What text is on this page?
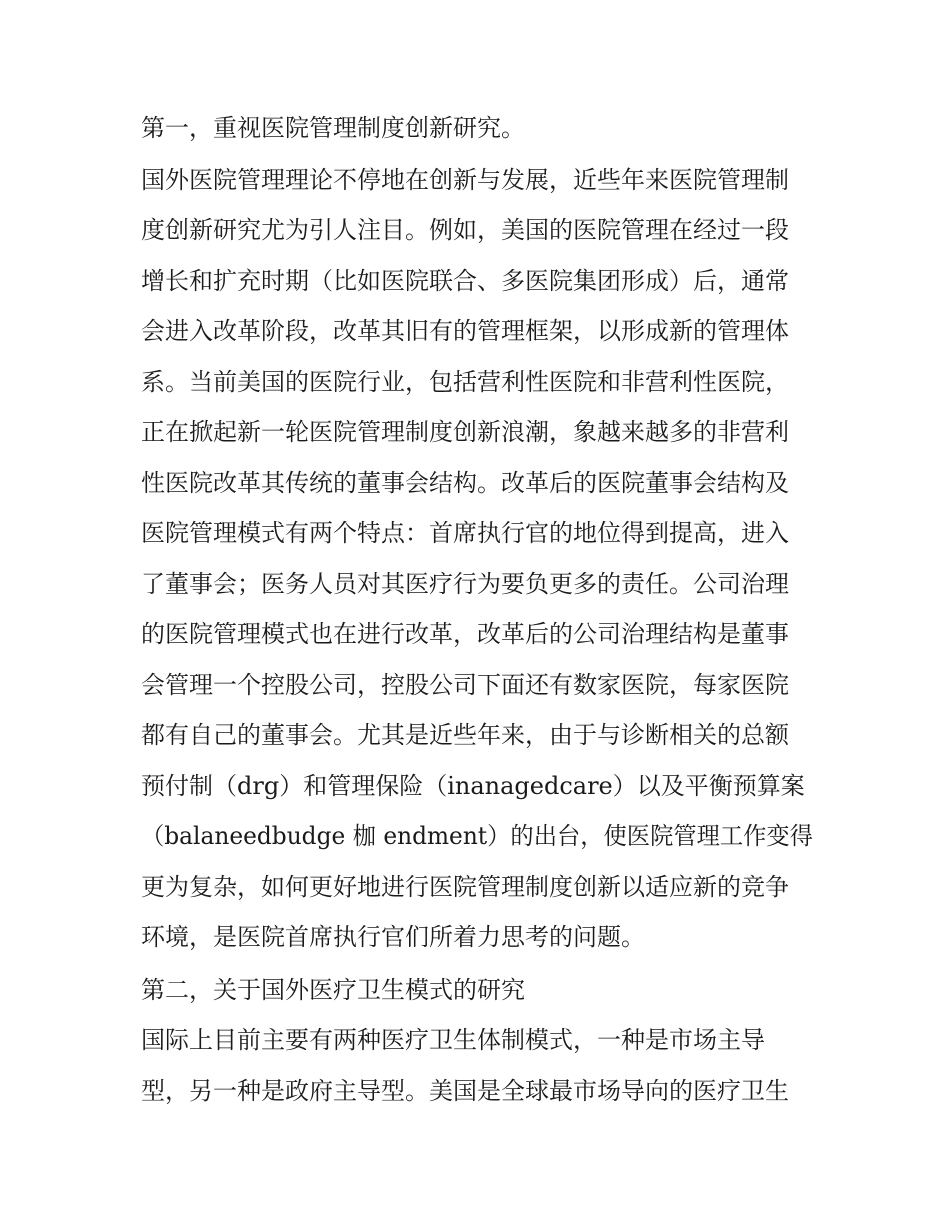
第一，重视医院管理制度创新研究。
国外医院管理理论不停地在创新与发展，近些年来医院管理制
度创新研究尤为引人注目。例如，美国的医院管理在经过一段
增长和扩充时期（比如医院联合、多医院集团形成）后，通常
会进入改革阶段，改革其旧有的管理框架，以形成新的管理体
系。当前美国的医院行业，包括营利性医院和非营利性医院，
正在掀起新一轮医院管理制度创新浪潮，象越来越多的非营利
性医院改革其传统的董事会结构。改革后的医院董事会结构及
医院管理模式有两个特点：首席执行官的地位得到提高，进入
了董事会；医务人员对其医疗行为要负更多的责任。公司治理
的医院管理模式也在进行改革，改革后的公司治理结构是董事
会管理一个控股公司，控股公司下面还有数家医院，每家医院
都有自己的董事会。尤其是近些年来，由于与诊断相关的总额
预付制（drg）和管理保险（inanagedcare）以及平衡预算案
（balaneedbudge 枷 endment）的出台，使医院管理工作变得
更为复杂，如何更好地进行医院管理制度创新以适应新的竞争
环境，是医院首席执行官们所着力思考的问题。
第二，关于国外医疗卫生模式的研究
国际上目前主要有两种医疗卫生体制模式，一种是市场主导
型，另一种是政府主导型。美国是全球最市场导向的医疗卫生
